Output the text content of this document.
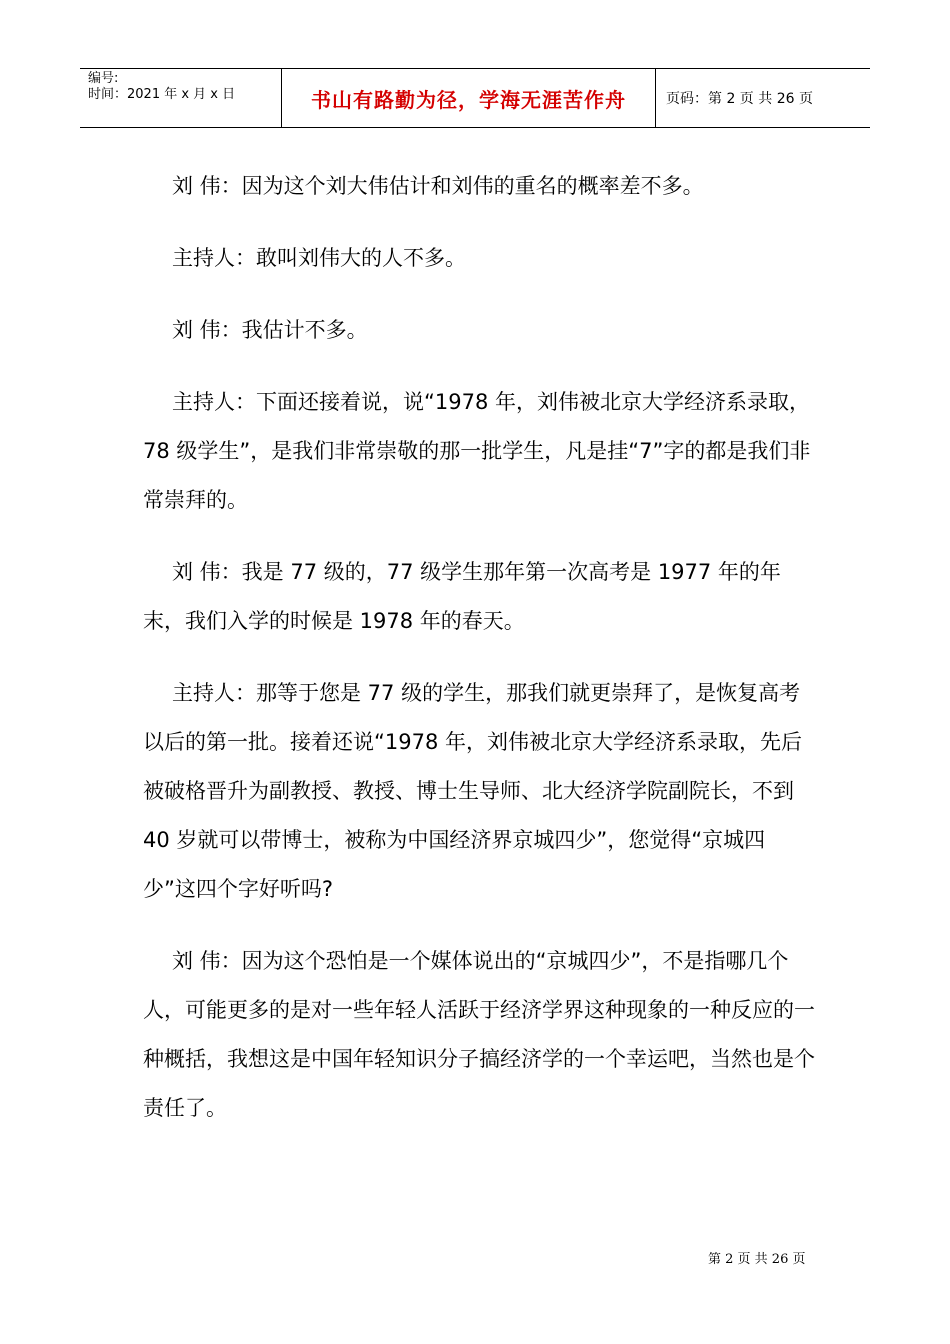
编号:
时间：2021 年 x 月 x 日	书山有路勤为径，学海无涯苦作舟	页码：第 2 页 共 26 页

刘 伟：因为这个刘大伟估计和刘伟的重名的概率差不多。

主持人：敢叫刘伟大的人不多。

刘 伟：我估计不多。

主持人：下面还接着说，说“1978 年，刘伟被北京大学经济系录取，78 级学生”，是我们非常崇敬的那一批学生，凡是挂“7”字的都是我们非常崇拜的。

刘 伟：我是 77 级的，77 级学生那年第一次高考是 1977 年的年末，我们入学的时候是 1978 年的春天。

主持人：那等于您是 77 级的学生，那我们就更崇拜了，是恢复高考以后的第一批。接着还说“1978 年，刘伟被北京大学经济系录取，先后被破格晋升为副教授、教授、博士生导师、北大经济学院副院长，不到 40 岁就可以带博士，被称为中国经济界京城四少”，您觉得“京城四少”这四个字好听吗?

刘 伟：因为这个恐怕是一个媒体说出的“京城四少”，不是指哪几个人，可能更多的是对一些年轻人活跃于经济学界这种现象的一种反应的一种概括，我想这是中国年轻知识分子搞经济学的一个幸运吧，当然也是个责任了。

第 2 页 共 26 页
